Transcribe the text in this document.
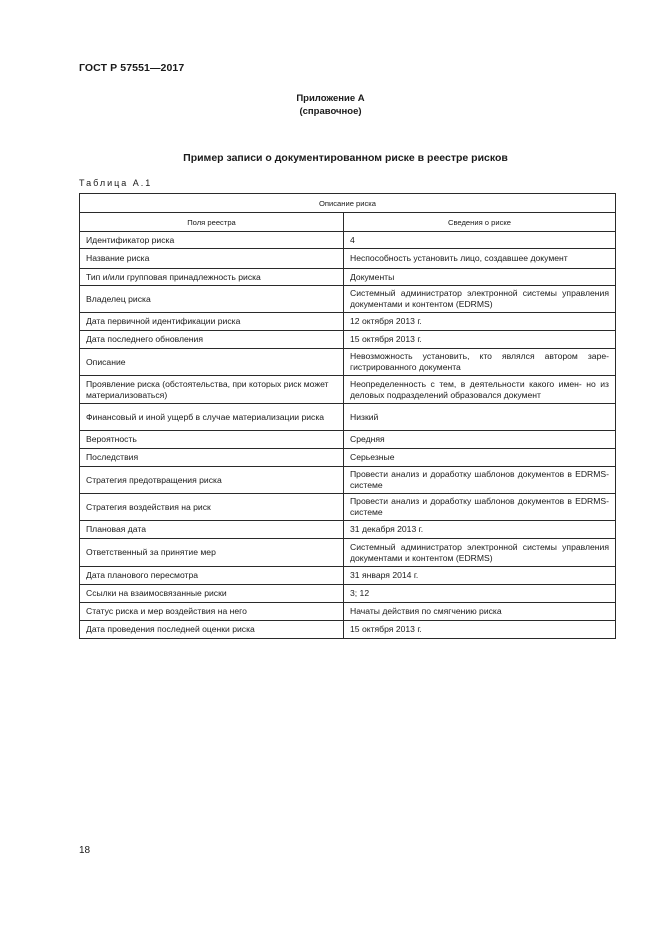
ГОСТ Р 57551—2017
Приложение А
(справочное)
Пример записи о документированном риске в реестре рисков
Таблица А.1
Описание риска	
Поля реестра	Сведения о риске
Идентификатор риска	4
Название риска	Неспособность установить лицо, создавшее документ
Тип и/или групповая принадлежность риска	Документы
Владелец риска	Системный администратор электронной системы управления документами и контентом (EDRMS)
Дата первичной идентификации риска	12 октября 2013 г.
Дата последнего обновления	15 октября 2013 г.
Описание	Невозможность установить, кто являлся автором заре- гистрированного документа
Проявление риска (обстоятельства, при которых риск может материализоваться)	Неопределенность с тем, в деятельности какого имен- но из деловых подразделений образовался документ
Финансовый и иной ущерб в случае материализации риска	Низкий
Вероятность	Средняя
Последствия	Серьезные
Стратегия предотвращения риска	Провести анализ и доработку шаблонов документов в EDRMS-системе
Стратегия воздействия на риск	Провести анализ и доработку шаблонов документов в EDRMS-системе
Плановая дата	31 декабря 2013 г.
Ответственный за принятие мер	Системный администратор электронной системы управления документами и контентом (EDRMS)
Дата планового пересмотра	31 января 2014 г.
Ссылки на взаимосвязанные риски	3; 12
Статус риска и мер воздействия на него	Начаты действия по смягчению риска
Дата проведения последней оценки риска	15 октября 2013 г.
18
